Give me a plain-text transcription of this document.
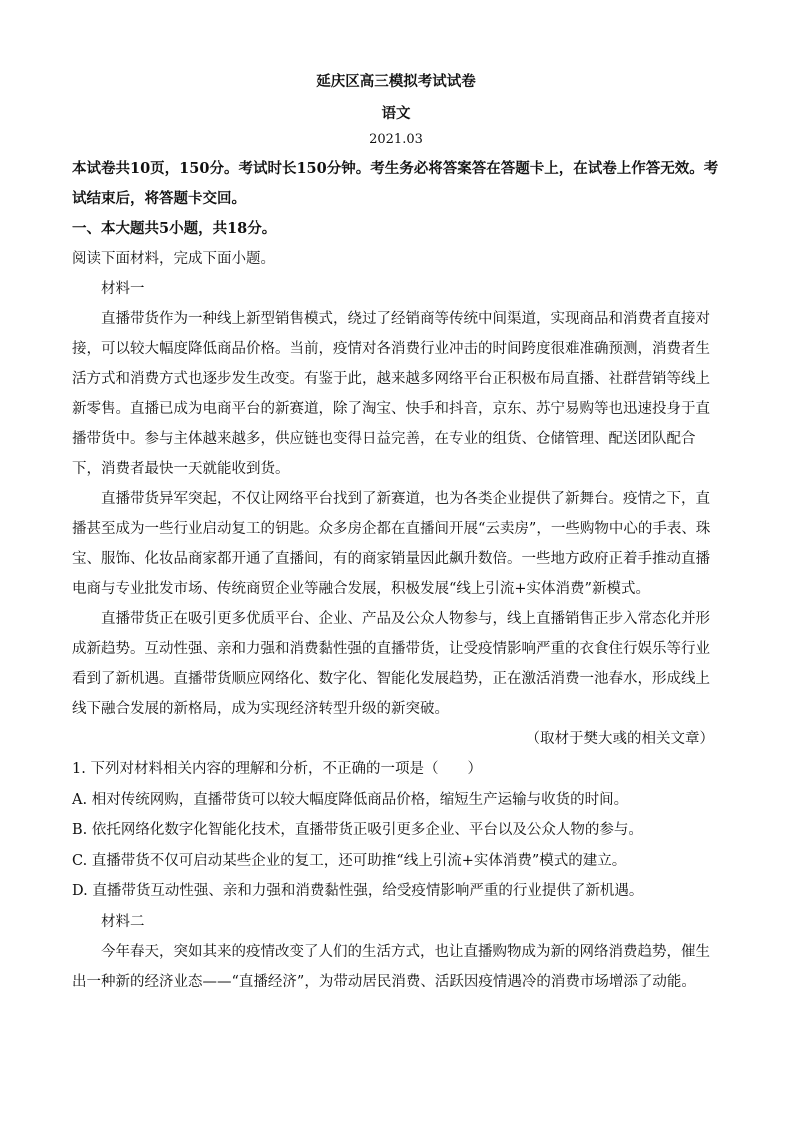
延庆区高三模拟考试试卷
语文
2021.03

本试卷共10页，150分。考试时长150分钟。考生务必将答案答在答题卡上，在试卷上作答无效。考试结束后，将答题卡交回。

一、本大题共5小题，共18分。

阅读下面材料，完成下面小题。

材料一

直播带货作为一种线上新型销售模式，绕过了经销商等传统中间渠道，实现商品和消费者直接对接，可以较大幅度降低商品价格。当前，疫情对各消费行业冲击的时间跨度很难准确预测，消费者生活方式和消费方式也逐步发生改变。有鉴于此，越来越多网络平台正积极布局直播、社群营销等线上新零售。直播已成为电商平台的新赛道，除了淘宝、快手和抖音，京东、苏宁易购等也迅速投身于直播带货中。参与主体越来越多，供应链也变得日益完善，在专业的组货、仓储管理、配送团队配合下，消费者最快一天就能收到货。

直播带货异军突起，不仅让网络平台找到了新赛道，也为各类企业提供了新舞台。疫情之下，直播甚至成为一些行业启动复工的钥匙。众多房企都在直播间开展“云卖房”，一些购物中心的手表、珠宝、服饰、化妆品商家都开通了直播间，有的商家销量因此飙升数倍。一些地方政府正着手推动直播电商与专业批发市场、传统商贸企业等融合发展，积极发展“线上引流+实体消费”新模式。

直播带货正在吸引更多优质平台、企业、产品及公众人物参与，线上直播销售正步入常态化并形成新趋势。互动性强、亲和力强和消费黏性强的直播带货，让受疫情影响严重的衣食住行娱乐等行业看到了新机遇。直播带货顺应网络化、数字化、智能化发展趋势，正在激活消费一池春水，形成线上线下融合发展的新格局，成为实现经济转型升级的新突破。

（取材于樊大彧的相关文章）

1. 下列对材料相关内容的理解和分析，不正确的一项是（　　）

A. 相对传统网购，直播带货可以较大幅度降低商品价格，缩短生产运输与收货的时间。

B. 依托网络化数字化智能化技术，直播带货正吸引更多企业、平台以及公众人物的参与。

C. 直播带货不仅可启动某些企业的复工，还可助推“线上引流+实体消费”模式的建立。

D. 直播带货互动性强、亲和力强和消费黏性强，给受疫情影响严重的行业提供了新机遇。

材料二

今年春天，突如其来的疫情改变了人们的生活方式，也让直播购物成为新的网络消费趋势，催生出一种新的经济业态——“直播经济”，为带动居民消费、活跃因疫情遇冷的消费市场增添了动能。
